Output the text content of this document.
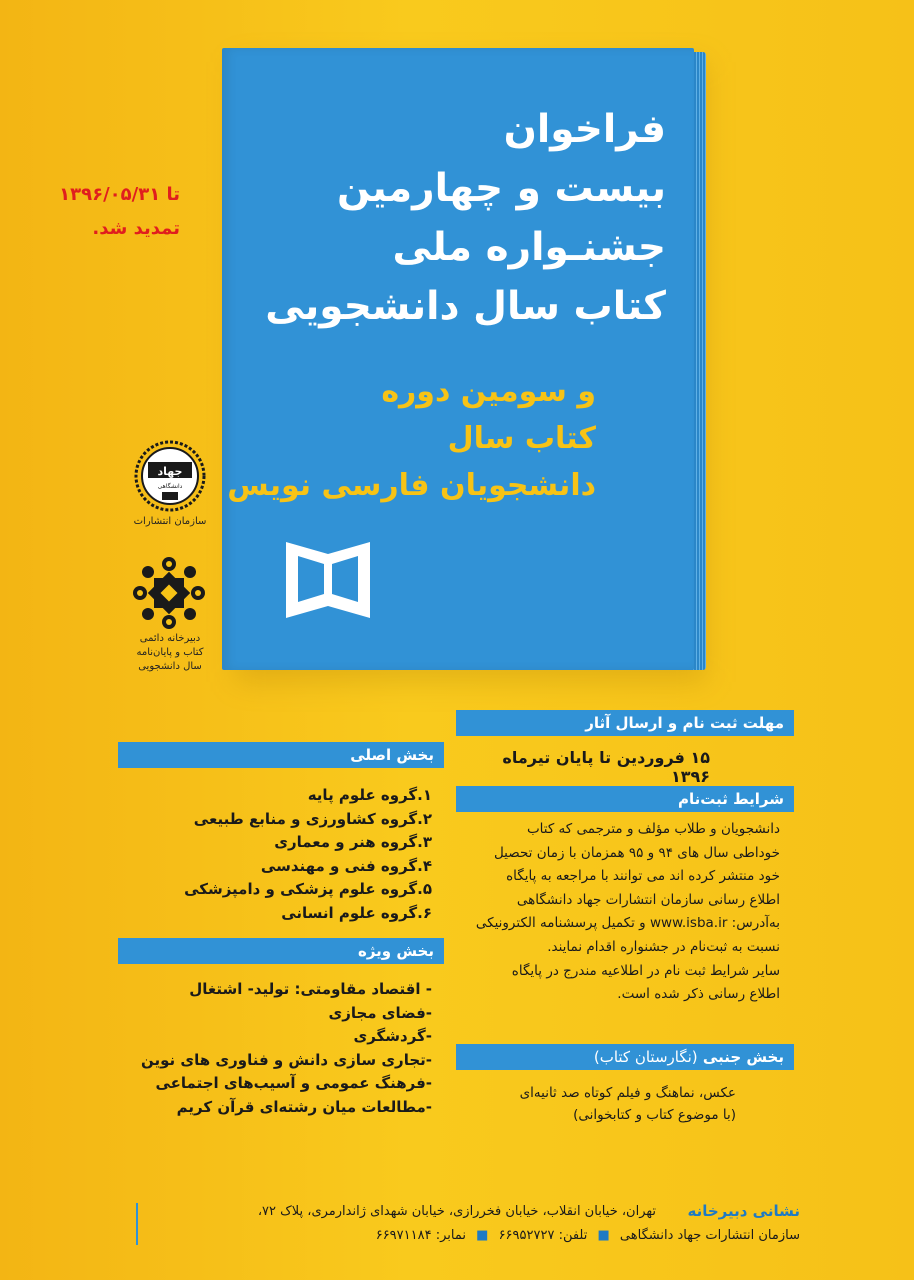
تا ۱۳۹۶/۰۵/۳۱
تمدید شد.
فراخوان
بیست و چهارمین
جشنـواره ملی
کتاب سال دانشجویی
و سومین دوره
کتاب سال
دانشجویان فارسی نویس
جهاد
دانشگاهی
سازمان انتشارات
دبیرخانه دائمی
کتاب و پایان‌نامه
سال دانشجویی
مهلت ثبت نام و ارسال آثار
۱۵ فروردین تا پایان تیرماه ۱۳۹۶
شرایط ثبت‌نام
دانشجویان و طلاب مؤلف و مترجمی که کتاب
خوداطی سال های ۹۴ و ۹۵ همزمان با زمان تحصیل
خود منتشر کرده اند می توانند با مراجعه به پایگاه
اطلاع رسانی سازمان انتشارات جهاد دانشگاهی
به‌آدرس: www.isba.ir و تکمیل پرسشنامه الکترونیکی
نسبت به ثبت‌نام در جشنواره اقدام نمایند.
سایر شرایط ثبت نام در اطلاعیه مندرج در پایگاه
اطلاع رسانی ذکر شده است.
بخش جنبی (نگارستان کتاب)
عکس، نماهنگ و فیلم کوتاه صد ثانیه‌ای
(با موضوع کتاب و کتابخوانی)
بخش اصلی
۱.گروه علوم پایه
۲.گروه کشاورزی و منابع طبیعی
۳.گروه هنر و معماری
۴.گروه فنی و مهندسی
۵.گروه علوم پزشکی و دامپزشکی
۶.گروه علوم انسانی
بخش ویژه
- اقتصاد مقاومتی: تولید- اشتغال
-فضای مجازی
-گردشگری
-تجاری سازی دانش و فناوری های نوین
-فرهنگ عمومی و آسیب‌های اجتماعی
-مطالعات میان رشته‌ای قرآن کریم
نشانی دبیرخانه
تهران، خیابان انقلاب، خیابان فخررازی، خیابان شهدای ژاندارمری، پلاک ۷۲،
سازمان انتشارات جهاد دانشگاهی ■ تلفن: ۶۶۹۵۲۷۲۷ ■ نمابر: ۶۶۹۷۱۱۸۴
